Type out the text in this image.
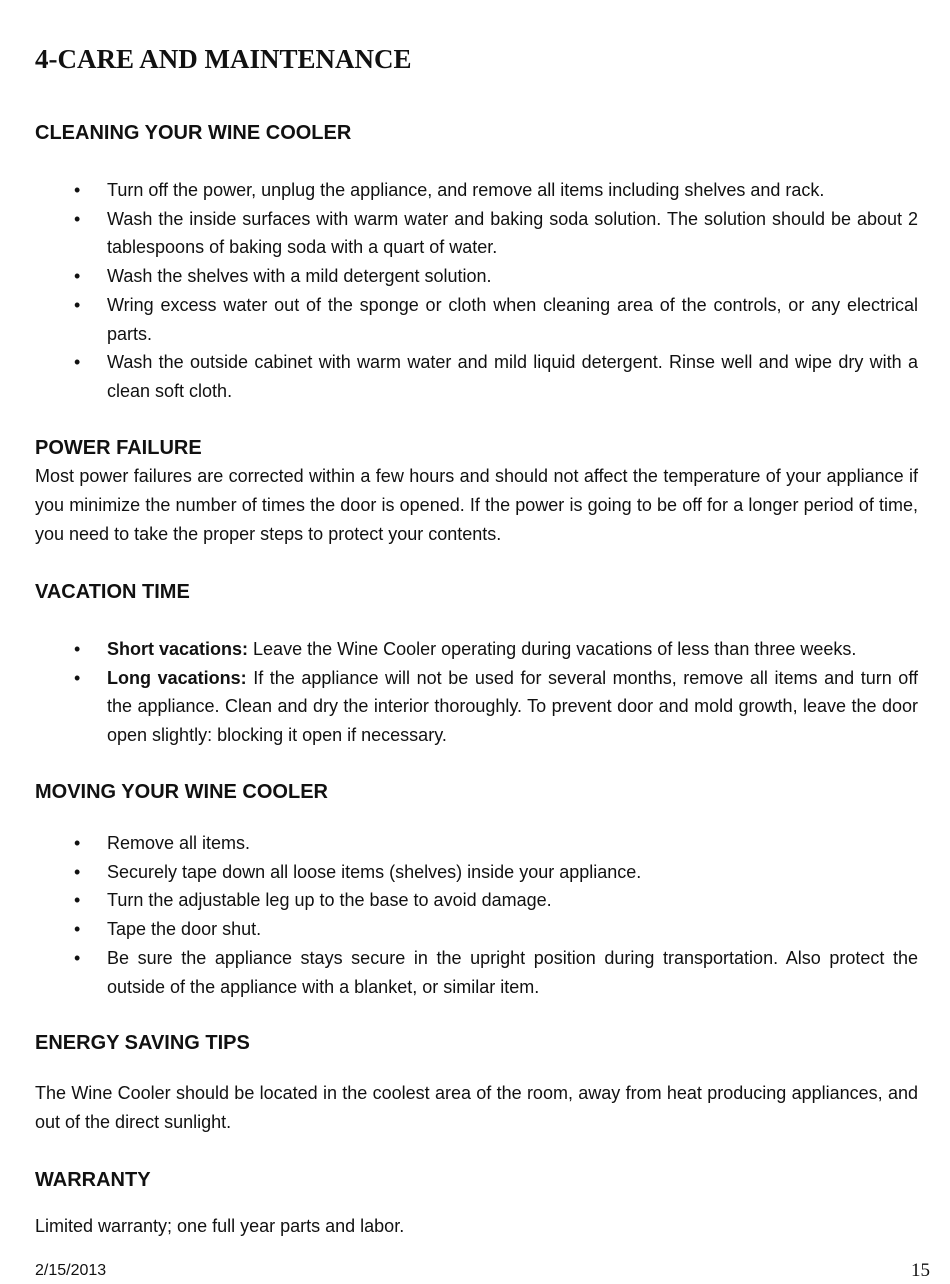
4-CARE AND MAINTENANCE
CLEANING YOUR WINE COOLER
• Turn off the power, unplug the appliance, and remove all items including shelves and rack.
• Wash the inside surfaces with warm water and baking soda solution. The solution should be about 2 tablespoons of baking soda with a quart of water.
• Wash the shelves with a mild detergent solution.
• Wring excess water out of the sponge or cloth when cleaning area of the controls, or any electrical parts.
• Wash the outside cabinet with warm water and mild liquid detergent. Rinse well and wipe dry with a clean soft cloth.
POWER FAILURE

Most power failures are corrected within a few hours and should not affect the temperature of your appliance if you minimize the number of times the door is opened. If the power is going to be off for a longer period of time, you need to take the proper steps to protect your contents.

VACATION TIME
• Short vacations: Leave the Wine Cooler operating during vacations of less than three weeks.
• Long vacations: If the appliance will not be used for several months, remove all items and turn off the appliance. Clean and dry the interior thoroughly. To prevent door and mold growth, leave the door open slightly: blocking it open if necessary.
MOVING YOUR WINE COOLER
• Remove all items.
• Securely tape down all loose items (shelves) inside your appliance.
• Turn the adjustable leg up to the base to avoid damage.
• Tape the door shut.
• Be sure the appliance stays secure in the upright position during transportation. Also protect the outside of the appliance with a blanket, or similar item.
ENERGY SAVING TIPS

The Wine Cooler should be located in the coolest area of the room, away from heat producing appliances, and out of the direct sunlight.

WARRANTY

Limited warranty; one full year parts and labor.

2/15/2013	15
